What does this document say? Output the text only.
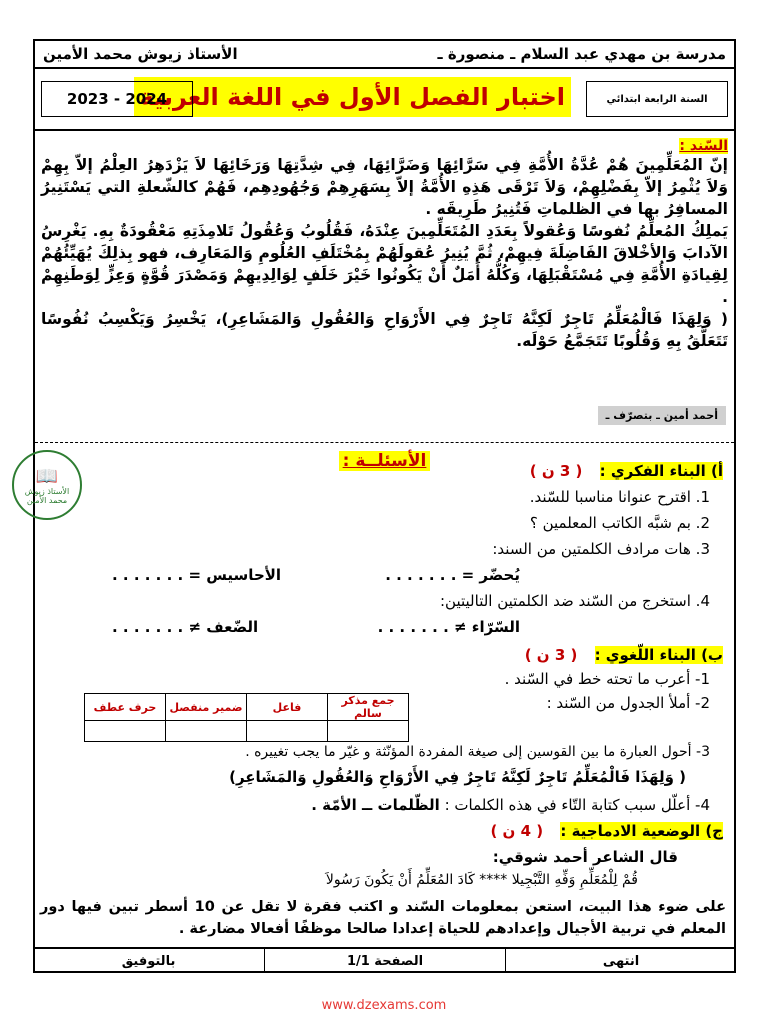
مدرسة بن مهدي عبد السلام ـ منصورة ـ
الأستاذ زيوش محمد الأمين
السنة الرابعة ابتدائي
اختبار الفصل الأول في اللغة العربية
2023 - 2024
السّند :

إنّ المُعَلِّمِينَ هُمْ عُدَّةُ الأُمَّةِ فِي سَرَّائِهَا وَضَرَّائِهَا، فِي شِدَّتِهَا وَرَخَائِهَا لاَ يَزْدَهِرُ العِلْمُ إلاّ بِهِمْ وَلاَ يُثْمِرُ إلاّ بِفَضْلِهِمْ، وَلاَ تَرْقَى هَذِهِ الأُمَّةُ إلاّ بِسَهَرِهِمْ وَجُهُودِهِم، فَهُمْ كالشّعلةِ التي يَسْتَنِيرُ المسافِرُ بها في الظلماتِ فَتُنِيرُ طَرِيقَه .

يَملِكُ المُعلِّمُ نُفوسًا وَعُقولاً بِعَدَدِ المُتَعَلِّمِينَ عِنْدَهُ، فَقُلُوبُ وَعُقُولُ تَلامِذَتِهِ مَعْقُودَةٌ بِهِ. يَغْرِسُ الآدابَ وَالأخْلاقَ الفَاضِلَةَ فِيهِمْ، ثُمَّ يُنِيرُ عُقولَهُمْ بِمُخْتَلَفِ العُلُومِ وَالمَعَارِف، فهو بِذلِكَ يُهَيِّئُهُمْ لِقِيادَةِ الأُمَّةِ فِي مُسْتَقْبَلِهَا، وَكُلُّهُ أَمَلٌ أَنْ يَكُونُوا خَيْرَ خَلَفٍ لِوَالِدِيهِمْ وَمَصْدَرَ قُوَّةٍ وَعِزٍّ لِوَطَنِهِمْ .

( وَلِهَذَا فَالْمُعَلِّمُ تَاجِرٌ لَكِنَّهُ تَاجِرٌ فِي الأَرْوَاحِ وَالعُقُولِ وَالمَشَاعِرِ)، يَخْسِرُ وَيَكْسِبُ نُفُوسًا تَتَعَلَّقُ بِهِ وَقُلُوبًا تَتَجَمَّعُ حَوْلَه.

أحمد أمين ـ بتصرّف ـ
الأسئلــة :	أ) البناء الفكري : ( 3 ن )
1. اقترح عنوانا مناسبا للسّند.
2. بم شبَّه الكاتب المعلمين ؟
3. هات مرادف الكلمتين من السند:
يُحضّر = . . . . . . .
الأحاسيس = . . . . . . .
4. استخرج من السّند ضد الكلمتين التاليتين:
السّرّاء ≠ . . . . . . .
الضّعف ≠ . . . . . . .
📖
الأستاذ زيوش
محمد الأمين
ب) البناء اللّغوي : ( 3 ن )
1- أعرب ما تحته خط في السّند .
2- أملأ الجدول من السّند :
جمع مذكر سالم	فاعل	ضمير منفصل	حرف عطف

3- أحول العبارة ما بين القوسين إلى صيغة المفردة المؤنّثة و غيّر ما يجب تغييره .
( وَلِهَذَا فَالْمُعَلِّمُ تَاجِرٌ لَكِنَّهُ تَاجِرٌ فِي الأَرْوَاحِ وَالعُقُولِ وَالمَشَاعِرِ)
4- أعلّل سبب كتابة التّاء في هذه الكلمات : الظّلمات ــ الأمّة .
ج) الوضعية الادماجية : ( 4 ن )
قال الشاعر أحمد شوقي:
قُمْ لِلْمُعَلِّمِ وَفِّهِ التَّبْجِيلا **** كَادَ المُعَلِّمُ أَنْ يَكُونَ رَسُولاَ
على ضوء هذا البيت، استعن بمعلومات السّند و اكتب فقرة لا تقل عن 10 أسطر تبين فيها دور المعلم في تربية الأجيال وإعدادهم للحياة إعدادا صالحا موظفًا أفعالا مضارعة .
انتهى
الصفحة 1/1
بالتوفيق
www.dzexams.com
